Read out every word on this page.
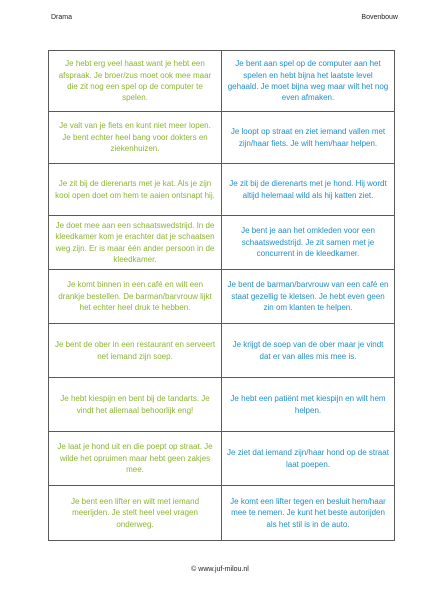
Drama	Bovenbouw
Je hebt erg veel haast want je hebt een afspraak. Je broer/zus moet ook mee maar die zit nog een spel op de computer te spelen.	Je bent aan spel op de computer aan het spelen en hebt bijna het laatste level gehaald. Je moet bijna weg maar wilt het nog even afmaken.
Je valt van je fiets en kunt niet meer lopen. Je bent echter heel bang voor dokters en ziekenhuizen.	Je loopt op straat en ziet iemand vallen met zijn/haar fiets. Je wilt hem/haar helpen.
Je zit bij de dierenarts met je kat. Als je zijn kooi open doet om hem te aaien ontsnapt hij.	Je zit bij de dierenarts met je hond. Hij wordt altijd helemaal wild als hij katten ziet.
Je doet mee aan een schaatswedstrijd. In de kleedkamer kom je erachter dat je schaatsen weg zijn. Er is maar één ander persoon in de kleedkamer.	Je bent je aan het omkleden voor een schaatswedstrijd. Je zit samen met je concurrent in de kleedkamer.
Je komt binnen in een café en wilt een drankje bestellen. De barman/barvrouw lijkt het echter heel druk te hebben.	Je bent de barman/barvrouw van een café en staat gezellig te kletsen. Je hebt even geen zin om klanten te helpen.
Je bent de ober in een restaurant en serveert net iemand zijn soep.	Je krijgt de soep van de ober maar je vindt dat er van alles mis mee is.
Je hebt kiespijn en bent bij de tandarts. Je vindt het allemaal behoorlijk eng!	Je hebt een patiënt met kiespijn en wilt hem helpen.
Je laat je hond uit en die poept op straat. Je wilde het opruimen maar hebt geen zakjes mee.	Je ziet dat iemand zijn/haar hond op de straat laat poepen.
Je bent een lifter en wilt met iemand meerijden. Je stelt heel veel vragen onderweg.	Je komt een lifter tegen en besluit hem/haar mee te nemen. Je kunt het beste autorijden als het stil is in de auto.
© www.juf-milou.nl
